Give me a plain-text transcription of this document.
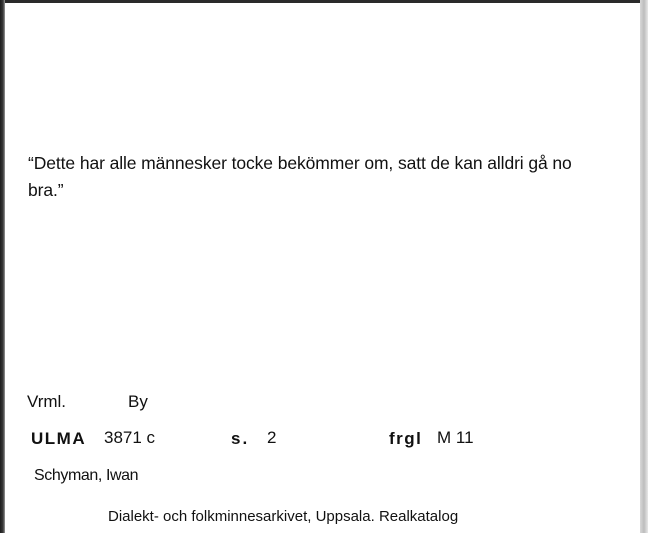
“Dette har alle männesker tocke bekömmer om, satt de kan alldri gå no bra.”
Vrml.	By
ULMA 3871 c	s. 2	frgl M 11
Schyman, Iwan
Dialekt- och folkminnesarkivet, Uppsala. Realkatalog
